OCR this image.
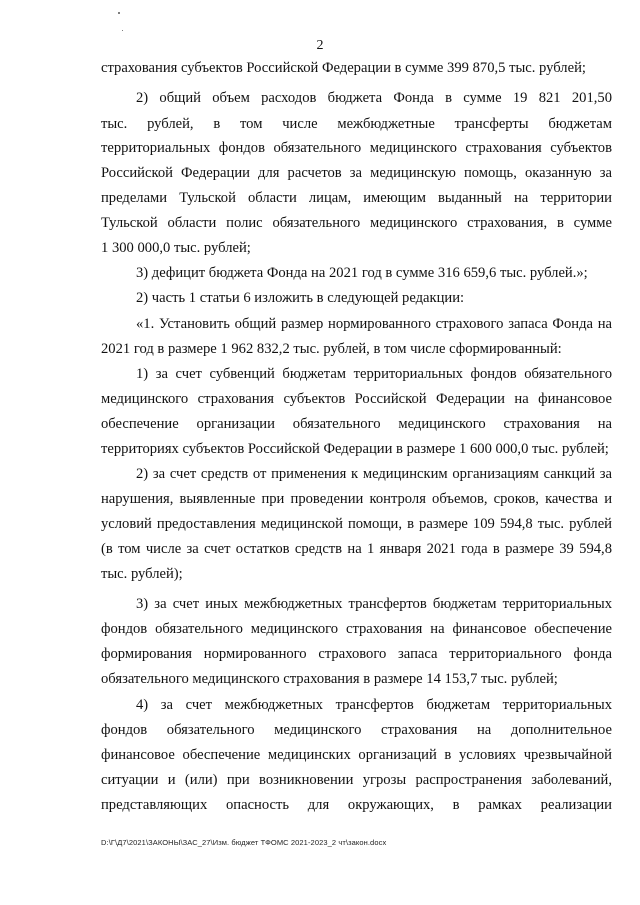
2
страхования субъектов Российской Федерации в сумме 399 870,5 тыс. рублей;
2) общий объем расходов бюджета Фонда в сумме 19 821 201,50
тыс. рублей, в том числе межбюджетные трансферты бюджетам
территориальных фондов обязательного медицинского страхования субъектов
Российской Федерации для расчетов за медицинскую помощь, оказанную за
пределами Тульской области лицам, имеющим выданный на территории
Тульской области полис обязательного медицинского страхования, в сумме
1 300 000,0 тыс. рублей;
3) дефицит бюджета Фонда на 2021 год в сумме 316 659,6 тыс. рублей.»;
2) часть 1 статьи 6 изложить в следующей редакции:
«1. Установить общий размер нормированного страхового запаса Фонда на
2021 год в размере 1 962 832,2 тыс. рублей, в том числе сформированный:
1) за счет субвенций бюджетам территориальных фондов обязательного
медицинского страхования субъектов Российской Федерации на финансовое
обеспечение организации обязательного медицинского страхования на
территориях субъектов Российской Федерации в размере 1 600 000,0 тыс. рублей;
2) за счет средств от применения к медицинским организациям санкций за
нарушения, выявленные при проведении контроля объемов, сроков, качества и
условий предоставления медицинской помощи, в размере 109 594,8 тыс. рублей
(в том числе за счет остатков средств на 1 января 2021 года в размере 39 594,8
тыс. рублей);
3) за счет иных межбюджетных трансфертов бюджетам территориальных
фондов обязательного медицинского страхования на финансовое обеспечение
формирования нормированного страхового запаса территориального фонда
обязательного медицинского страхования в размере 14 153,7 тыс. рублей;
4) за счет межбюджетных трансфертов бюджетам территориальных
фондов обязательного медицинского страхования на дополнительное
финансовое обеспечение медицинских организаций в условиях чрезвычайной
ситуации и (или) при возникновении угрозы распространения заболеваний,
представляющих опасность для окружающих, в рамках реализации
D:\Г\Д7\2021\ЗАКОНЫ\ЗАС_27\Изм. бюджет ТФОМС 2021-2023_2 чт\закон.docx
